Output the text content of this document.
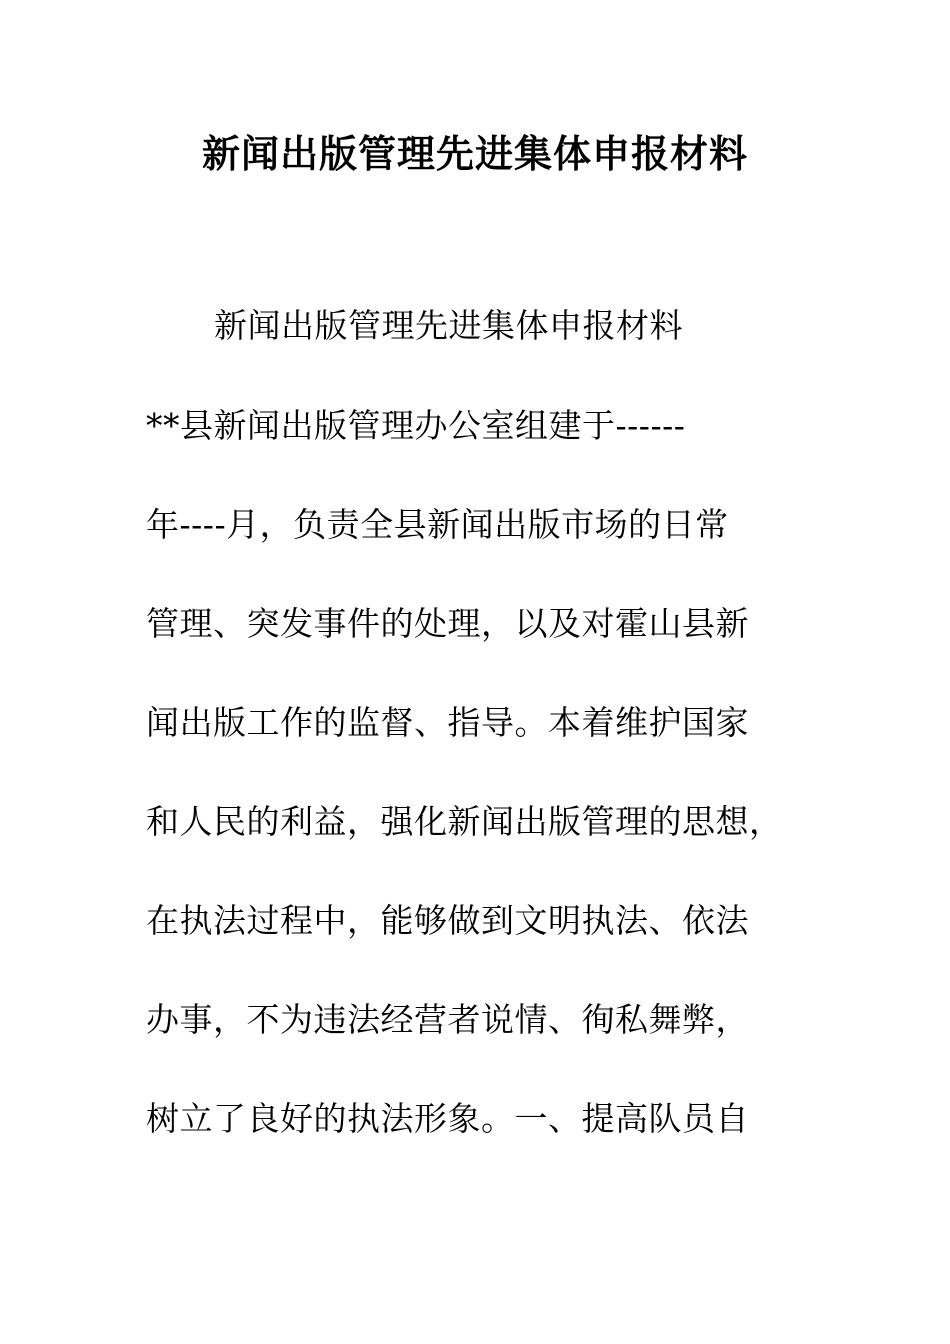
新闻出版管理先进集体申报材料
新闻出版管理先进集体申报材料
**县新闻出版管理办公室组建于------
年----月，负责全县新闻出版市场的日常
管理、突发事件的处理，以及对霍山县新
闻出版工作的监督、指导。本着维护国家
和人民的利益，强化新闻出版管理的思想，
在执法过程中，能够做到文明执法、依法
办事，不为违法经营者说情、徇私舞弊，
树立了良好的执法形象。一、提高队员自
